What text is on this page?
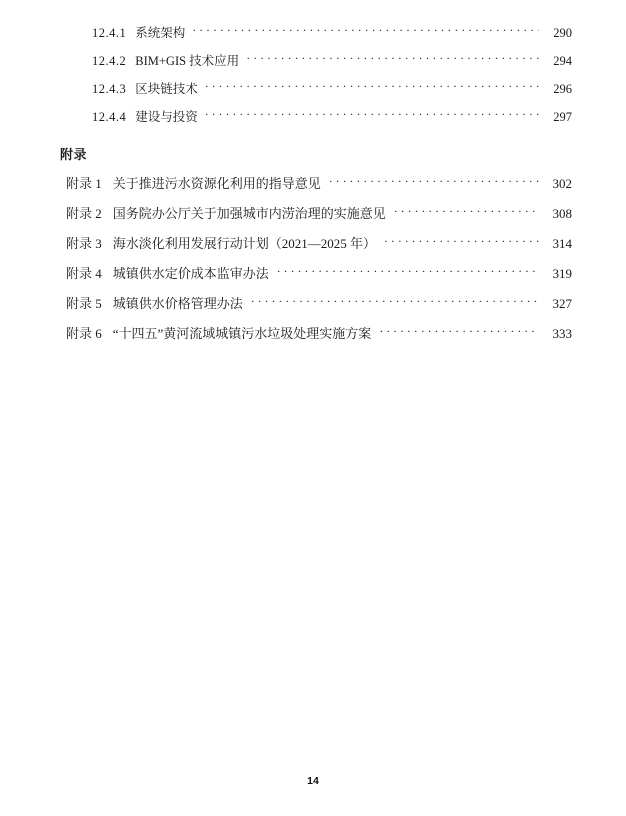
12.4.1 系统架构 ·····	290
12.4.2 BIM+GIS 技术应用 ·····	294
12.4.3 区块链技术 ·····	296
12.4.4 建设与投资 ·····	297
附录
附录 1 关于推进污水资源化利用的指导意见 ·····	302
附录 2 国务院办公厅关于加强城市内涝治理的实施意见 ·····	308
附录 3 海水淡化利用发展行动计划（2021—2025 年） ·····	314
附录 4 城镇供水定价成本监审办法 ·····	319
附录 5 城镇供水价格管理办法 ·····	327
附录 6 “十四五”黄河流域城镇污水垃圾处理实施方案 ·····	333
14
